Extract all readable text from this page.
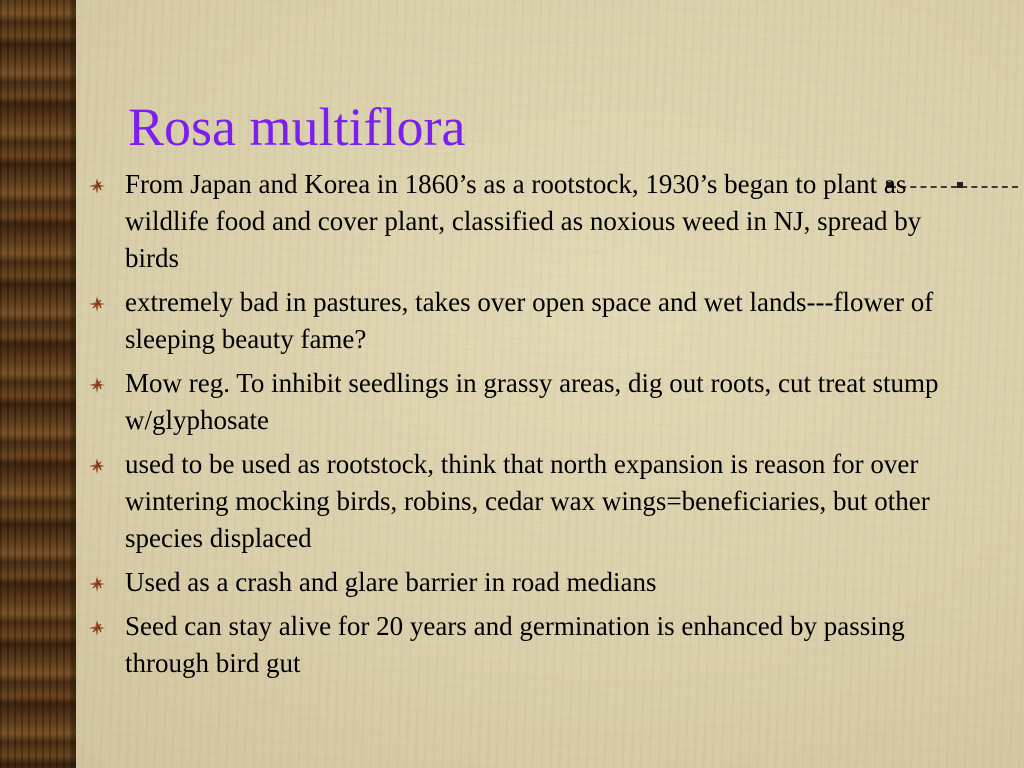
Rosa multiflora
From Japan and Korea in 1860’s as a rootstock, 1930’s began to plant as wildlife food and cover plant, classified as noxious weed in NJ, spread by birds
extremely bad in pastures, takes over open space and wet lands---flower of sleeping beauty fame?
Mow reg. To inhibit seedlings in grassy areas, dig out roots, cut treat stump w/glyphosate
used to be used as rootstock, think that north expansion is reason for over wintering mocking birds, robins, cedar wax wings=beneficiaries, but other species displaced
Used as a crash and glare barrier in road medians
Seed can stay alive for 20 years and germination is enhanced by passing through bird gut
